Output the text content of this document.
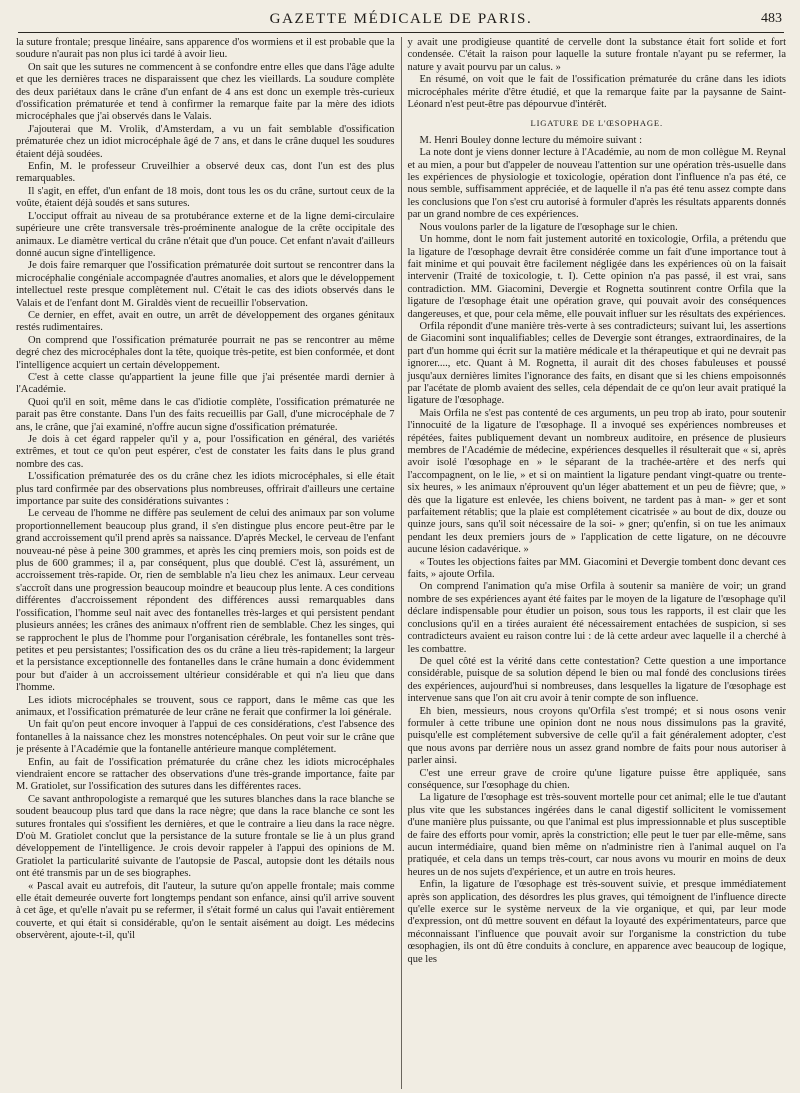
GAZETTE MÉDICALE DE PARIS.	483

la suture frontale; presque linéaire, sans apparence d'os wormiens et il est probable que la soudure n'aurait pas non plus ici tardé à avoir lieu.

On sait que les sutures ne commencent à se confondre entre elles que dans l'âge adulte et que les dernières traces ne disparaissent que chez les vieillards. La soudure complète des deux pariétaux dans le crâne d'un enfant de 4 ans est donc un exemple très-curieux d'ossification prématurée et tend à confirmer la remarque faite par la mère des idiots microcéphales que j'ai observés dans le Valais.

J'ajouterai que M. Vrolik, d'Amsterdam, a vu un fait semblable d'ossification prématurée chez un idiot microcéphale âgé de 7 ans, et dans le crâne duquel les soudures étaient déjà soudées.

Enfin, M. le professeur Cruveilhier a observé deux cas, dont l'un est des plus remarquables.

Il s'agit, en effet, d'un enfant de 18 mois, dont tous les os du crâne, surtout ceux de la voûte, étaient déjà soudés et sans sutures.

L'occiput offrait au niveau de sa protubérance externe et de la ligne demi-circulaire supérieure une crête transversale très-proéminente analogue de la crête occipitale des animaux. Le diamètre vertical du crâne n'était que d'un pouce. Cet enfant n'avait d'ailleurs donné aucun signe d'intelligence.

Je dois faire remarquer que l'ossification prématurée doit surtout se rencontrer dans la microcéphalie congéniale accompagnée d'autres anomalies, et alors que le développement intellectuel reste presque complètement nul. C'était le cas des idiots observés dans le Valais et de l'enfant dont M. Giraldès vient de recueillir l'observation.

Ce dernier, en effet, avait en outre, un arrêt de développement des organes génitaux restés rudimentaires.

On comprend que l'ossification prématurée pourrait ne pas se rencontrer au même degré chez des microcéphales dont la tête, quoique très-petite, est bien conformée, et dont l'intelligence acquiert un certain développement.

C'est à cette classe qu'appartient la jeune fille que j'ai présentée mardi dernier à l'Académie.

Quoi qu'il en soit, même dans le cas d'idiotie complète, l'ossification prématurée ne parait pas être constante. Dans l'un des faits recueillis par Gall, d'une microcéphale de 7 ans, le crâne, que j'ai examiné, n'offre aucun signe d'ossification prématurée.

Je dois à cet égard rappeler qu'il y a, pour l'ossification en général, des variétés extrêmes, et tout ce qu'on peut espérer, c'est de constater les faits dans le plus grand nombre des cas.

L'ossification prématurée des os du crâne chez les idiots microcéphales, si elle était plus tard confirmée par des observations plus nombreuses, offrirait d'ailleurs une certaine importance par suite des considérations suivantes :

Le cerveau de l'homme ne diffère pas seulement de celui des animaux par son volume proportionnellement beaucoup plus grand, il s'en distingue plus encore peut-être par le grand accroissement qu'il prend après sa naissance. D'après Meckel, le cerveau de l'enfant nouveau-né pèse à peine 300 grammes, et après les cinq premiers mois, son poids est de plus de 600 grammes; il a, par conséquent, plus que doublé. C'est là, assurément, un accroissement très-rapide. Or, rien de semblable n'a lieu chez les animaux. Leur cerveau s'accroît dans une progression beaucoup moindre et beaucoup plus lente. A ces conditions différentes d'accroissement répondent des différences aussi remarquables dans l'ossification, l'homme seul nait avec des fontanelles très-larges et qui persistent pendant plusieurs années; les crânes des animaux n'offrent rien de semblable. Chez les singes, qui se rapprochent le plus de l'homme pour l'organisation cérébrale, les fontanelles sont très-petites et peu persistantes; l'ossification des os du crâne a lieu très-rapidement; la largeur et la persistance exceptionnelle des fontanelles dans le crâne humain a donc évidemment pour but d'aider à un accroissement ultérieur considérable et qui n'a lieu que dans l'homme.

Les idiots microcéphales se trouvent, sous ce rapport, dans le même cas que les animaux, et l'ossification prématurée de leur crâne ne ferait que confirmer la loi générale.

Un fait qu'on peut encore invoquer à l'appui de ces considérations, c'est l'absence des fontanelles à la naissance chez les monstres notencéphales. On peut voir sur le crâne que je présente à l'Académie que la fontanelle antérieure manque complétement.

Enfin, au fait de l'ossification prématurée du crâne chez les idiots microcéphales viendraient encore se rattacher des observations d'une très-grande importance, faite par M. Gratiolet, sur l'ossification des sutures dans les différentes races.

Ce savant anthropologiste a remarqué que les sutures blanches dans la race blanche se soudent beaucoup plus tard que dans la race nègre; que dans la race blanche ce sont les sutures frontales qui s'ossifient les dernières, et que le contraire a lieu dans la race nègre. D'où M. Gratiolet conclut que la persistance de la suture frontale se lie à un plus grand développement de l'intelligence. Je crois devoir rappeler à l'appui des opinions de M. Gratiolet la particularité suivante de l'autopsie de Pascal, autopsie dont les détails nous ont été transmis par un de ses biographes.

« Pascal avait eu autrefois, dit l'auteur, la suture qu'on appelle frontale; mais comme elle était demeurée ouverte fort longtemps pendant son enfance, ainsi qu'il arrive souvent à cet âge, et qu'elle n'avait pu se refermer, il s'était formé un calus qui l'avait entièrement couverte, et qui était si considérable, qu'on le sentait aisément au doigt. Les médecins observèrent, ajoute-t-il, qu'il

y avait une prodigieuse quantité de cervelle dont la substance était fort solide et fort condensée. C'était la raison pour laquelle la suture frontale n'ayant pu se refermer, la nature y avait pourvu par un calus. »

En résumé, on voit que le fait de l'ossification prématurée du crâne dans les idiots microcéphales mérite d'être étudié, et que la remarque faite par la paysanne de Saint-Léonard n'est peut-être pas dépourvue d'intérêt.

LIGATURE DE L'ŒSOPHAGE.

M. Henri Bouley donne lecture du mémoire suivant :

La note dont je viens donner lecture à l'Académie, au nom de mon collègue M. Reynal et au mien, a pour but d'appeler de nouveau l'attention sur une opération très-usuelle dans les expériences de physiologie et toxicologie, opération dont l'influence n'a pas été, ce nous semble, suffisamment appréciée, et de laquelle il n'a pas été tenu assez compte dans les conclusions que l'on s'est cru autorisé à formuler d'après les résultats apparents donnés par un grand nombre de ces expériences.

Nous voulons parler de la ligature de l'œsophage sur le chien.

Un homme, dont le nom fait justement autorité en toxicologie, Orfila, a prétendu que la ligature de l'œsophage devrait être considérée comme un fait d'une importance tout à fait minime et qui pouvait être facilement négligée dans les expériences où on la faisait intervenir (Traité de toxicologie, t. I). Cette opinion n'a pas passé, il est vrai, sans contradiction. MM. Giacomini, Devergie et Rognetta soutinrent contre Orfila que la ligature de l'œsophage était une opération grave, qui pouvait avoir des conséquences dangereuses, et que, pour cela même, elle pouvait influer sur les résultats des expériences.

Orfila répondit d'une manière très-verte à ses contradicteurs; suivant lui, les assertions de Giacomini sont inqualifiables; celles de Devergie sont étranges, extraordinaires, de la part d'un homme qui écrit sur la matière médicale et la thérapeutique et qui ne devrait pas ignorer...., etc. Quant à M. Rognetta, il aurait dit des choses fabuleuses et poussé jusqu'aux dernières limites l'ignorance des faits, en disant que si les chiens empoisonnés par l'acétate de plomb avaient des selles, cela dépendait de ce qu'on leur avait pratiqué la ligature de l'œsophage.

Mais Orfila ne s'est pas contenté de ces arguments, un peu trop ab irato, pour soutenir l'innocuité de la ligature de l'œsophage. Il a invoqué ses expériences nombreuses et répétées, faites publiquement devant un nombreux auditoire, en présence de plusieurs membres de l'Académie de médecine, expériences desquelles il résulterait que « si, après avoir isolé l'œsophage en » le séparant de la trachée-artère et des nerfs qui l'accompagnent, on le lie, » et si on maintient la ligature pendant vingt-quatre ou trente-six heures, » les animaux n'éprouvent qu'un léger abattement et un peu de fièvre; que, » dès que la ligature est enlevée, les chiens boivent, ne tardent pas à man- » ger et sont parfaitement rétablis; que la plaie est complétement cicatrisée » au bout de dix, douze ou quinze jours, sans qu'il soit nécessaire de la soi- » gner; qu'enfin, si on tue les animaux pendant les deux premiers jours de » l'application de cette ligature, on ne découvre aucune lésion cadavérique. »

« Toutes les objections faites par MM. Giacomini et Devergie tombent donc devant ces faits, » ajoute Orfila.

On comprend l'animation qu'a mise Orfila à soutenir sa manière de voir; un grand nombre de ses expériences ayant été faites par le moyen de la ligature de l'œsophage qu'il déclare indispensable pour étudier un poison, sous tous les rapports, il est clair que les conclusions qu'il en a tirées auraient été nécessairement entachées de suspicion, si ses contradicteurs avaient eu raison contre lui : de là cette ardeur avec laquelle il a cherché à les combattre.

De quel côté est la vérité dans cette contestation? Cette question a une importance considérable, puisque de sa solution dépend le bien ou mal fondé des conclusions tirées des expériences, aujourd'hui si nombreuses, dans lesquelles la ligature de l'œsophage est intervenue sans que l'on ait cru avoir à tenir compte de son influence.

Eh bien, messieurs, nous croyons qu'Orfila s'est trompé; et si nous osons venir formuler à cette tribune une opinion dont ne nous nous dissimulons pas la gravité, puisqu'elle est complétement subversive de celle qu'il a fait généralement adopter, c'est que nous avons par derrière nous un assez grand nombre de faits pour nous autoriser à parler ainsi.

C'est une erreur grave de croire qu'une ligature puisse être appliquée, sans conséquence, sur l'œsophage du chien.

La ligature de l'œsophage est très-souvent mortelle pour cet animal; elle le tue d'autant plus vite que les substances ingérées dans le canal digestif sollicitent le vomissement d'une manière plus puissante, ou que l'animal est plus impressionnable et plus susceptible de faire des efforts pour vomir, après la constriction; elle peut le tuer par elle-même, sans aucun intermédiaire, quand bien même on n'administre rien à l'animal auquel on l'a pratiquée, et cela dans un temps très-court, car nous avons vu mourir en moins de deux heures un de nos sujets d'expérience, et un autre en trois heures.

Enfin, la ligature de l'œsophage est très-souvent suivie, et presque immédiatement après son application, des désordres les plus graves, qui témoignent de l'influence directe qu'elle exerce sur le système nerveux de la vie organique, et qui, par leur mode d'expression, ont dû mettre souvent en défaut la loyauté des expérimentateurs, parce que méconnaissant l'influence que pouvait avoir sur l'organisme la constriction du tube œsophagien, ils ont dû être conduits à conclure, en apparence avec beaucoup de logique, que les
